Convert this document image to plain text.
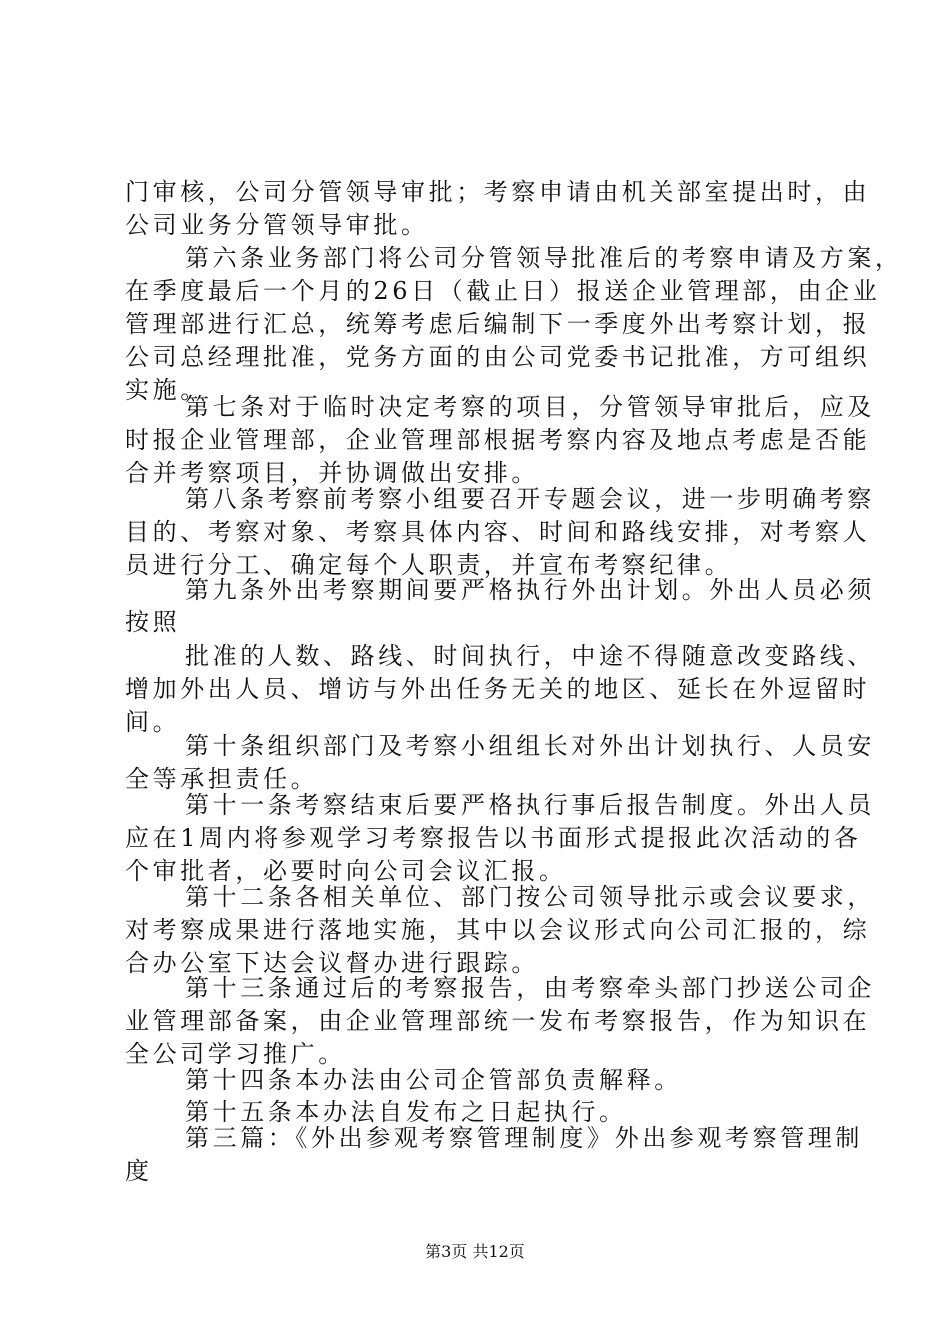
门审核，公司分管领导审批；考察申请由机关部室提出时，由
公司业务分管领导审批。
第六条业务部门将公司分管领导批准后的考察申请及方案，
在季度最后一个月的26日（截止日）报送企业管理部，由企业
管理部进行汇总，统筹考虑后编制下一季度外出考察计划，报
公司总经理批准，党务方面的由公司党委书记批准，方可组织
实施。
第七条对于临时决定考察的项目，分管领导审批后，应及
时报企业管理部，企业管理部根据考察内容及地点考虑是否能
合并考察项目，并协调做出安排。
第八条考察前考察小组要召开专题会议，进一步明确考察
目的、考察对象、考察具体内容、时间和路线安排，对考察人
员进行分工、确定每个人职责，并宣布考察纪律。
第九条外出考察期间要严格执行外出计划。外出人员必须
按照
批准的人数、路线、时间执行，中途不得随意改变路线、
增加外出人员、增访与外出任务无关的地区、延长在外逗留时
间。
第十条组织部门及考察小组组长对外出计划执行、人员安
全等承担责任。
第十一条考察结束后要严格执行事后报告制度。外出人员
应在1周内将参观学习考察报告以书面形式提报此次活动的各
个审批者，必要时向公司会议汇报。
第十二条各相关单位、部门按公司领导批示或会议要求，
对考察成果进行落地实施，其中以会议形式向公司汇报的，综
合办公室下达会议督办进行跟踪。
第十三条通过后的考察报告，由考察牵头部门抄送公司企
业管理部备案，由企业管理部统一发布考察报告，作为知识在
全公司学习推广。
第十四条本办法由公司企管部负责解释。
第十五条本办法自发布之日起执行。
第三篇：《外出参观考察管理制度》外出参观考察管理制
度
第3页 共12页
